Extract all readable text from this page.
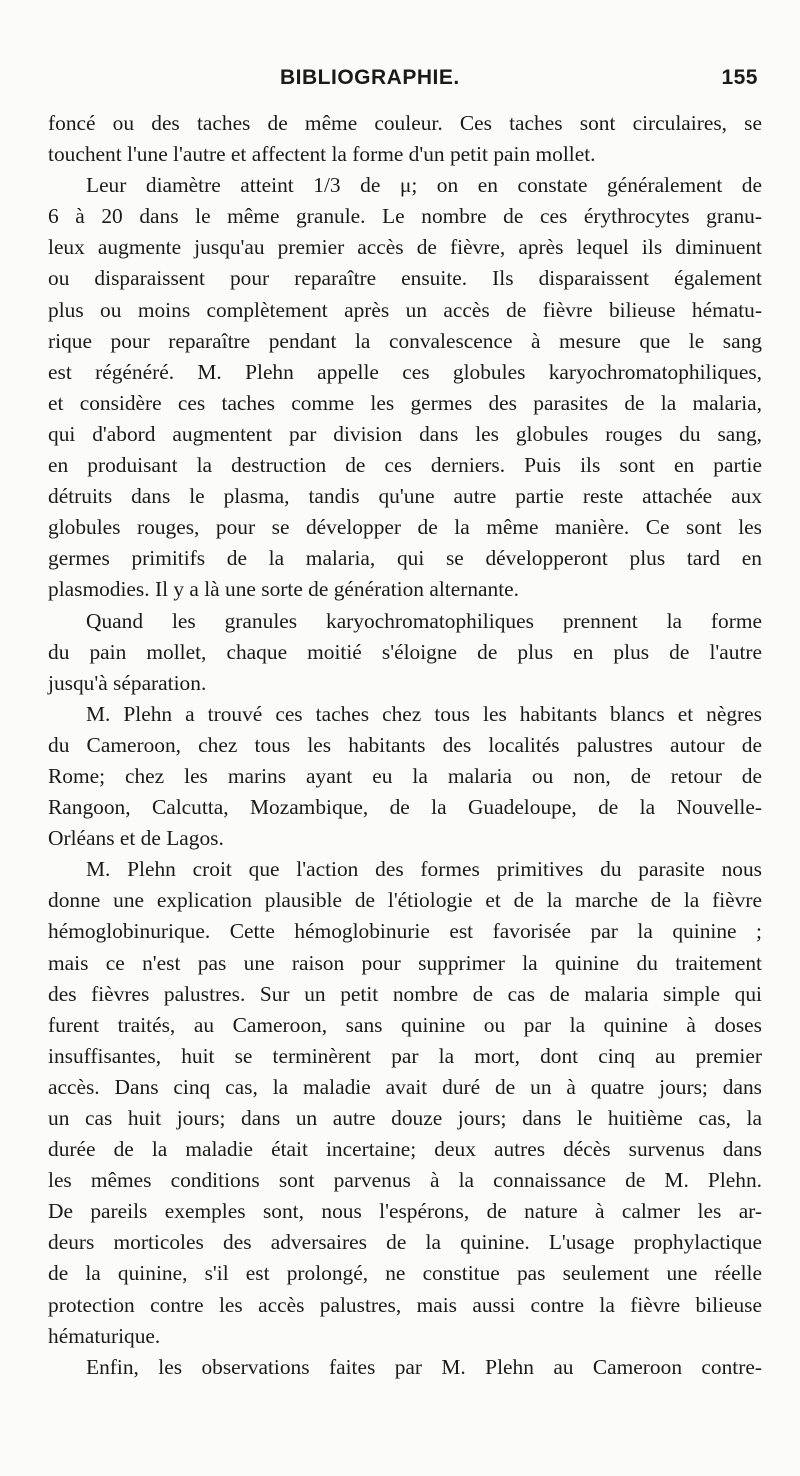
BIBLIOGRAPHIE.	155
foncé ou des taches de même couleur. Ces taches sont circulaires, se
touchent l'une l'autre et affectent la forme d'un petit pain mollet.
Leur diamètre atteint 1/3 de μ; on en constate généralement de
6 à 20 dans le même granule. Le nombre de ces érythrocytes granu-
leux augmente jusqu'au premier accès de fièvre, après lequel ils diminuent
ou disparaissent pour reparaître ensuite. Ils disparaissent également
plus ou moins complètement après un accès de fièvre bilieuse hématu-
rique pour reparaître pendant la convalescence à mesure que le sang
est régénéré. M. Plehn appelle ces globules karyochromatophiliques,
et considère ces taches comme les germes des parasites de la malaria,
qui d'abord augmentent par division dans les globules rouges du sang,
en produisant la destruction de ces derniers. Puis ils sont en partie
détruits dans le plasma, tandis qu'une autre partie reste attachée aux
globules rouges, pour se développer de la même manière. Ce sont les
germes primitifs de la malaria, qui se développeront plus tard en
plasmodies. Il y a là une sorte de génération alternante.
Quand les granules karyochromatophiliques prennent la forme
du pain mollet, chaque moitié s'éloigne de plus en plus de l'autre
jusqu'à séparation.
M. Plehn a trouvé ces taches chez tous les habitants blancs et nègres
du Cameroon, chez tous les habitants des localités palustres autour de
Rome; chez les marins ayant eu la malaria ou non, de retour de
Rangoon, Calcutta, Mozambique, de la Guadeloupe, de la Nouvelle-
Orléans et de Lagos.
M. Plehn croit que l'action des formes primitives du parasite nous
donne une explication plausible de l'étiologie et de la marche de la fièvre
hémoglobinurique. Cette hémoglobinurie est favorisée par la quinine ;
mais ce n'est pas une raison pour supprimer la quinine du traitement
des fièvres palustres. Sur un petit nombre de cas de malaria simple qui
furent traités, au Cameroon, sans quinine ou par la quinine à doses
insuffisantes, huit se terminèrent par la mort, dont cinq au premier
accès. Dans cinq cas, la maladie avait duré de un à quatre jours; dans
un cas huit jours; dans un autre douze jours; dans le huitième cas, la
durée de la maladie était incertaine; deux autres décès survenus dans
les mêmes conditions sont parvenus à la connaissance de M. Plehn.
De pareils exemples sont, nous l'espérons, de nature à calmer les ar-
deurs morticoles des adversaires de la quinine. L'usage prophylactique
de la quinine, s'il est prolongé, ne constitue pas seulement une réelle
protection contre les accès palustres, mais aussi contre la fièvre bilieuse
hématurique.
Enfin, les observations faites par M. Plehn au Cameroon contre-
